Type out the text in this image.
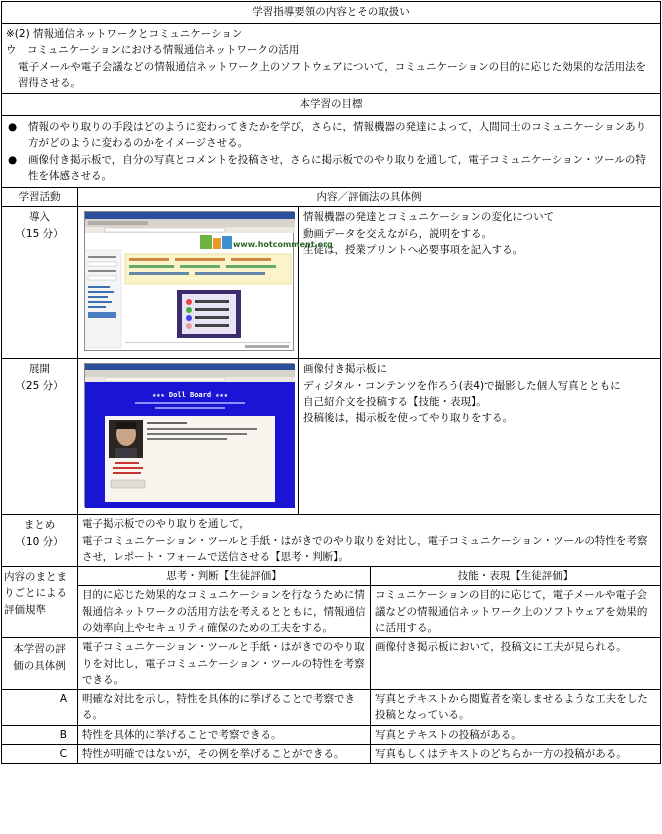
学習指導要領の内容とその取扱い			

※(2) 情報通信ネットワークとコミュニケーション
ウ　コミュニケーションにおける情報通信ネットワークの活用
電子メールや電子会議などの情報通信ネットワーク上のソフトウェアについて，コミュニケーションの目的に応じた効果的な活用法を習得させる。			

本学習の目標			

● 情報のやり取りの手段はどのように変わってきたかを学び，さらに，情報機器の発達によって，人間同士のコミュニケーションあり方がどのように変わるのかをイメージさせる。
● 画像付き掲示板で，自分の写真とコメントを投稿させ，さらに掲示板でのやり取りを通して，電子コミュニケーション・ツールの特性を体感させる。			

学習活動	内容／評価法の具体例		

導入
（15 分）	www.hotcomment.org	情報機器の発達とコミュニケーションの変化について
動画データを交えながら，説明をする。
生徒は，授業プリントへ必要事項を記入する。	

展開
（25 分）	★★★ Doll Board ★★★	画像付き掲示板に
ディジタル・コンテンツを作ろう(表4)で撮影した個人写真とともに
自己紹介文を投稿する【技能・表現】。
投稿後は，掲示板を使ってやり取りをする。	

まとめ
（10 分）	電子掲示板でのやり取りを通して，
電子コミュニケーション・ツールと手紙・はがきでのやり取りを対比し，電子コミュニケーション・ツールの特性を考察させ，レポート・フォームで送信させる【思考・判断】。		

内容のまとまりごとによる評価規準	思考・判断【生徒評価】		技能・表現【生徒評価】
	目的に応じた効果的なコミュニケーションを行なうために情報通信ネットワークの活用方法を考えるとともに，情報通信の効率向上やセキュリティ確保のための工夫をする。		コミュニケーションの目的に応じて，電子メールや電子会議などの情報通信ネットワーク上のソフトウェアを効果的に活用する。
本学習の評価の具体例	電子コミュニケーション・ツールと手紙・はがきでのやり取りを対比し，電子コミュニケーション・ツールの特性を考察できる。		画像付き掲示板において，投稿文に工夫が見られる。
A	明確な対比を示し，特性を具体的に挙げることで考察できる。		写真とテキストから閲覧者を楽しませるような工夫をした投稿となっている。
B	特性を具体的に挙げることで考察できる。		写真とテキストの投稿がある。
C	特性が明確ではないが，その例を挙げることができる。		写真もしくはテキストのどちらか一方の投稿がある。
